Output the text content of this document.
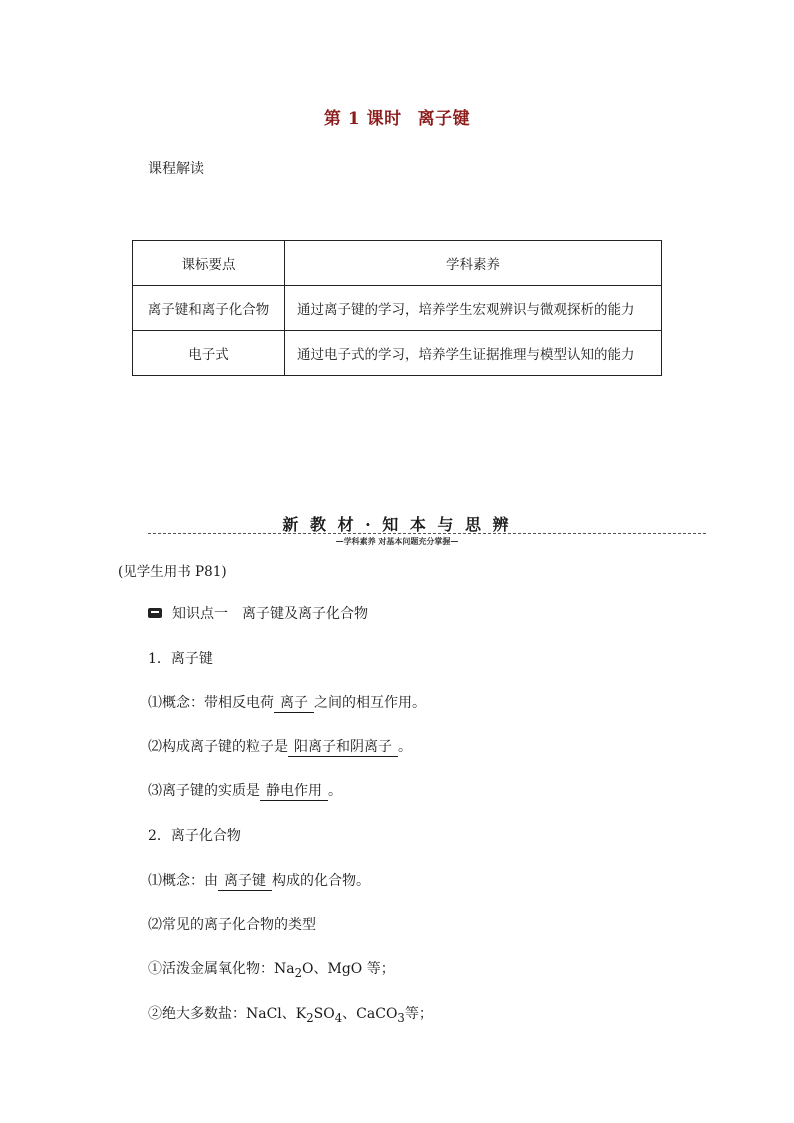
第 1 课时 离子键
课程解读
课标要点	学科素养
离子键和离子化合物	通过离子键的学习，培养学生宏观辨识与微观探析的能力
电子式	通过电子式的学习，培养学生证据推理与模型认知的能力
新 教 材 · 知 本 与 思 辨
—学科素养 对基本问题充分掌握—
(见学生用书 P81)
知识点一 离子键及离子化合物
1．离子键
⑴概念：带相反电荷 离子 之间的相互作用。
⑵构成离子键的粒子是 阳离子和阴离子 。
⑶离子键的实质是 静电作用 。
2．离子化合物
⑴概念：由 离子键 构成的化合物。
⑵常见的离子化合物的类型
①活泼金属氧化物：$Na_2O$、MgO 等；
②绝大多数盐：NaCl、$K_2SO_4$、CaCO$_3$等；
